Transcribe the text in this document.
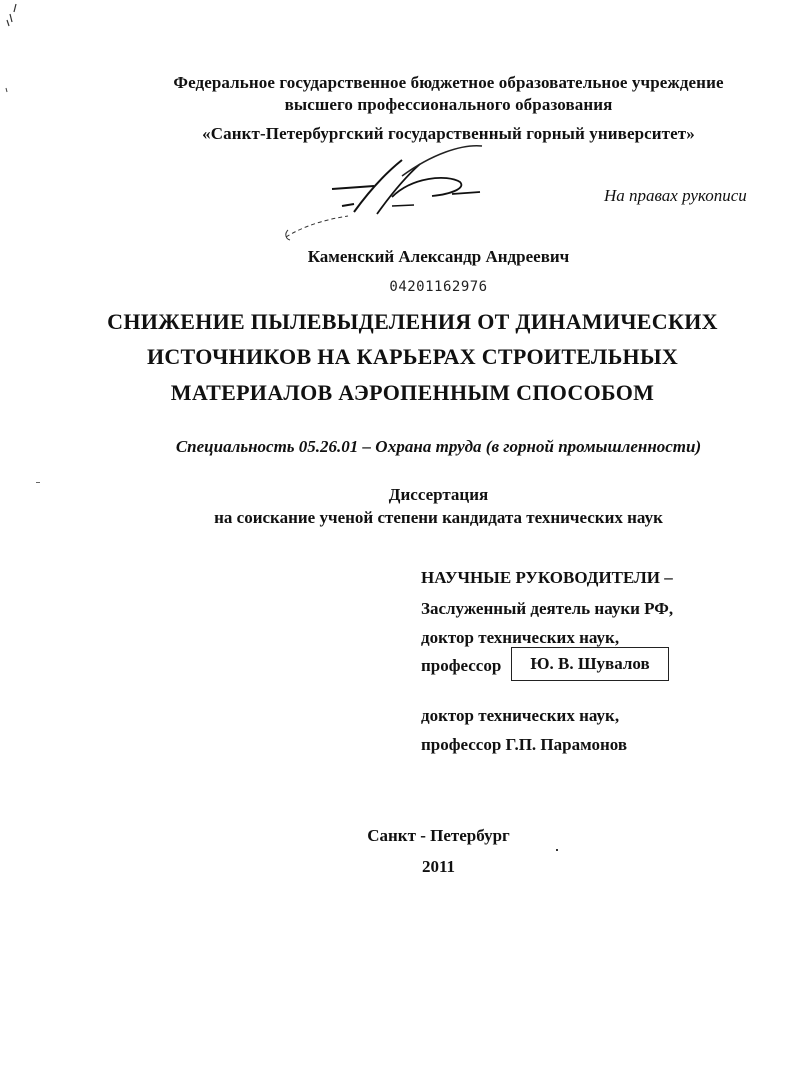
Федеральное государственное бюджетное образовательное учреждение
высшего профессионального образования
«Санкт-Петербургский государственный горный университет»
На правах рукописи
Каменский Александр Андреевич
04201162976
СНИЖЕНИЕ ПЫЛЕВЫДЕЛЕНИЯ ОТ ДИНАМИЧЕСКИХ
ИСТОЧНИКОВ НА КАРЬЕРАХ СТРОИТЕЛЬНЫХ
МАТЕРИАЛОВ АЭРОПЕННЫМ СПОСОБОМ
Специальность 05.26.01 – Охрана труда (в горной промышленности)
Диссертация
на соискание ученой степени кандидата технических наук
НАУЧНЫЕ РУКОВОДИТЕЛИ –
Заслуженный деятель науки РФ,
доктор технических наук,
профессор	Ю. В. Шувалов
доктор технических наук,
профессор Г.П. Парамонов
Санкт - Петербург
2011
